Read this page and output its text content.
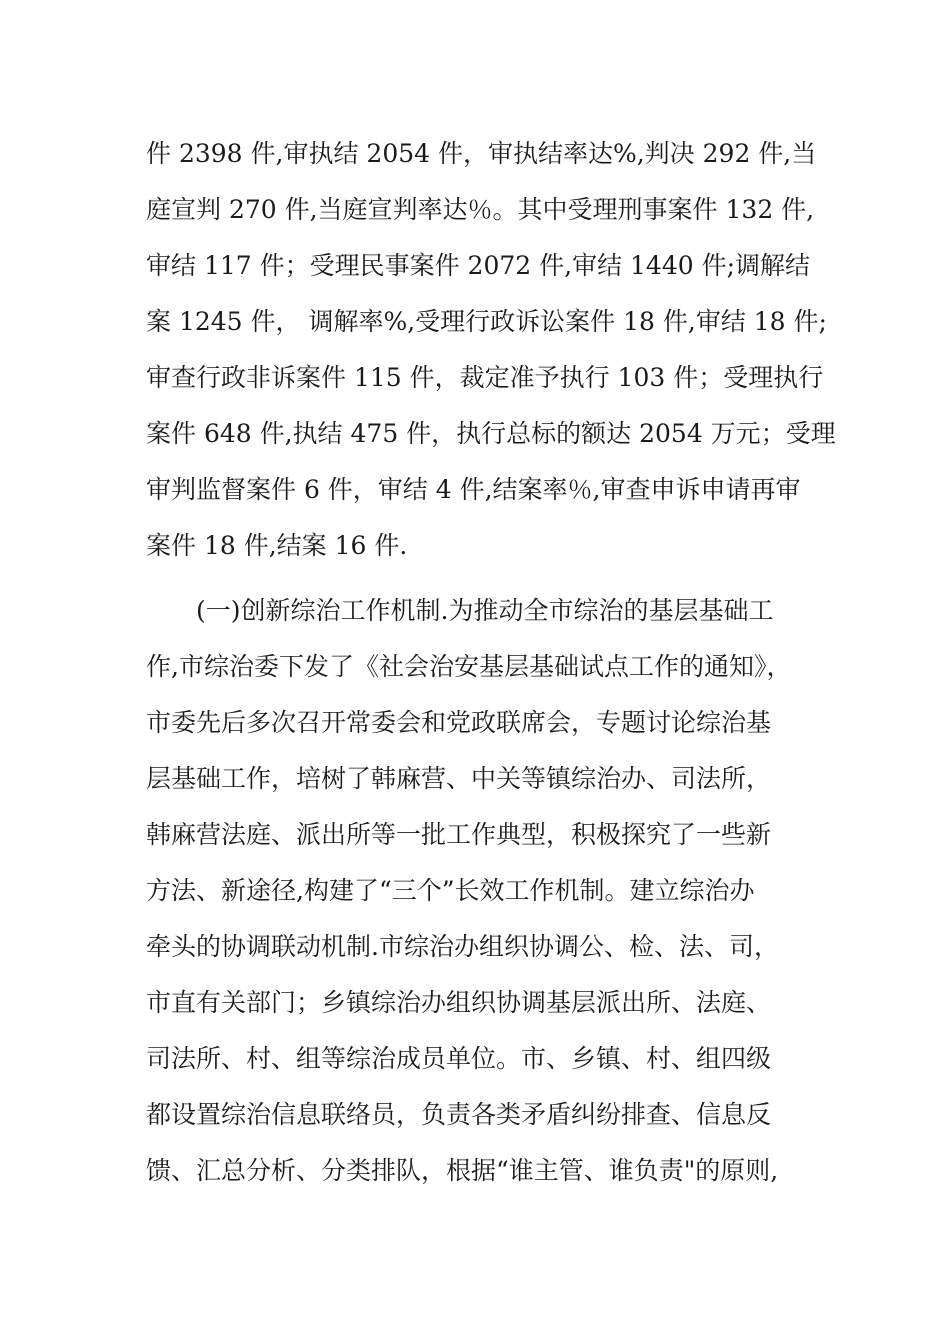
件 2398 件,审执结 2054 件，审执结率达%,判决 292 件,当
庭宣判 270 件,当庭宣判率达％。其中受理刑事案件 132 件,
审结 117 件；受理民事案件 2072 件,审结 1440 件;调解结
案 1245 件， 调解率%,受理行政诉讼案件 18 件,审结 18 件;
审查行政非诉案件 115 件，裁定准予执行 103 件；受理执行
案件 648 件,执结 475 件，执行总标的额达 2054 万元；受理
审判监督案件 6 件，审结 4 件,结案率％,审查申诉申请再审
案件 18 件,结案 16 件.
(一)创新综治工作机制.为推动全市综治的基层基础工
作,市综治委下发了《社会治安基层基础试点工作的通知》，
市委先后多次召开常委会和党政联席会，专题讨论综治基
层基础工作，培树了韩麻营、中关等镇综治办、司法所，
韩麻营法庭、派出所等一批工作典型，积极探究了一些新
方法、新途径,构建了“三个”长效工作机制。建立综治办
牵头的协调联动机制.市综治办组织协调公、检、法、司，
市直有关部门；乡镇综治办组织协调基层派出所、法庭、
司法所、村、组等综治成员单位。市、乡镇、村、组四级
都设置综治信息联络员，负责各类矛盾纠纷排查、信息反
馈、汇总分析、分类排队，根据“谁主管、谁负责"的原则,
